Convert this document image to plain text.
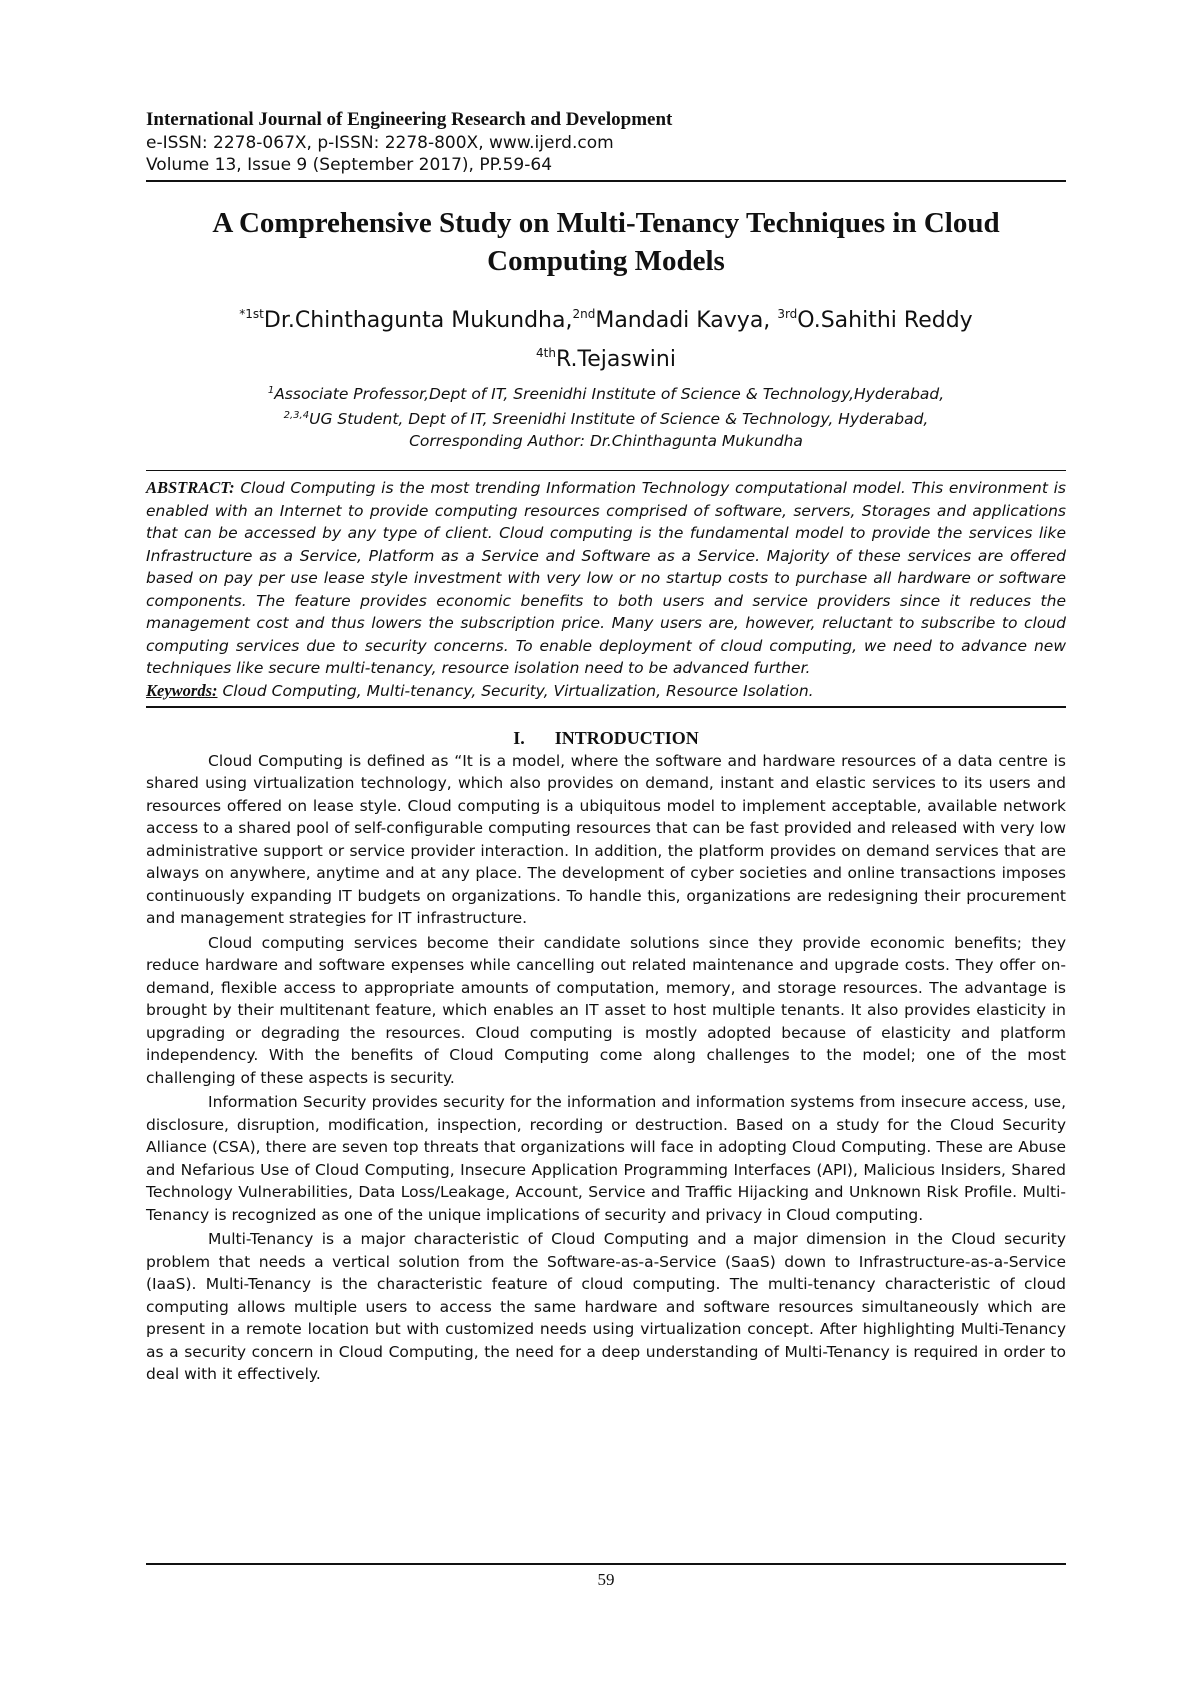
International Journal of Engineering Research and Development

e-ISSN: 2278-067X, p-ISSN: 2278-800X, www.ijerd.com

Volume 13, Issue 9 (September 2017), PP.59-64

A Comprehensive Study on Multi-Tenancy Techniques in Cloud Computing Models
$^{*1st}$Dr.Chinthagunta Mukundha,$^{2nd}$Mandadi Kavya, $^{3rd}$O.Sahithi Reddy
$^{4th}$R.Tejaswini

$^1$Associate Professor,Dept of IT, Sreenidhi Institute of Science & Technology,Hyderabad,

$^{2,3,4}$UG Student, Dept of IT, Sreenidhi Institute of Science & Technology, Hyderabad,

Corresponding Author: Dr.Chinthagunta Mukundha

ABSTRACT: Cloud Computing is the most trending Information Technology computational model. This environment is enabled with an Internet to provide computing resources comprised of software, servers, Storages and applications that can be accessed by any type of client. Cloud computing is the fundamental model to provide the services like Infrastructure as a Service, Platform as a Service and Software as a Service. Majority of these services are offered based on pay per use lease style investment with very low or no startup costs to purchase all hardware or software components. The feature provides economic benefits to both users and service providers since it reduces the management cost and thus lowers the subscription price. Many users are, however, reluctant to subscribe to cloud computing services due to security concerns. To enable deployment of cloud computing, we need to advance new techniques like secure multi-tenancy, resource isolation need to be advanced further.

Keywords: Cloud Computing, Multi-tenancy, Security, Virtualization, Resource Isolation.

I. INTRODUCTION

Cloud Computing is defined as “It is a model, where the software and hardware resources of a data centre is shared using virtualization technology, which also provides on demand, instant and elastic services to its users and resources offered on lease style. Cloud computing is a ubiquitous model to implement acceptable, available network access to a shared pool of self-configurable computing resources that can be fast provided and released with very low administrative support or service provider interaction. In addition, the platform provides on demand services that are always on anywhere, anytime and at any place. The development of cyber societies and online transactions imposes continuously expanding IT budgets on organizations. To handle this, organizations are redesigning their procurement and management strategies for IT infrastructure.

Cloud computing services become their candidate solutions since they provide economic benefits; they reduce hardware and software expenses while cancelling out related maintenance and upgrade costs. They offer on-demand, flexible access to appropriate amounts of computation, memory, and storage resources. The advantage is brought by their multitenant feature, which enables an IT asset to host multiple tenants. It also provides elasticity in upgrading or degrading the resources. Cloud computing is mostly adopted because of elasticity and platform independency. With the benefits of Cloud Computing come along challenges to the model; one of the most challenging of these aspects is security.

Information Security provides security for the information and information systems from insecure access, use, disclosure, disruption, modification, inspection, recording or destruction. Based on a study for the Cloud Security Alliance (CSA), there are seven top threats that organizations will face in adopting Cloud Computing. These are Abuse and Nefarious Use of Cloud Computing, Insecure Application Programming Interfaces (API), Malicious Insiders, Shared Technology Vulnerabilities, Data Loss/Leakage, Account, Service and Traffic Hijacking and Unknown Risk Profile. Multi-Tenancy is recognized as one of the unique implications of security and privacy in Cloud computing.

Multi-Tenancy is a major characteristic of Cloud Computing and a major dimension in the Cloud security problem that needs a vertical solution from the Software-as-a-Service (SaaS) down to Infrastructure-as-a-Service (IaaS). Multi-Tenancy is the characteristic feature of cloud computing. The multi-tenancy characteristic of cloud computing allows multiple users to access the same hardware and software resources simultaneously which are present in a remote location but with customized needs using virtualization concept. After highlighting Multi-Tenancy as a security concern in Cloud Computing, the need for a deep understanding of Multi-Tenancy is required in order to deal with it effectively.

59
